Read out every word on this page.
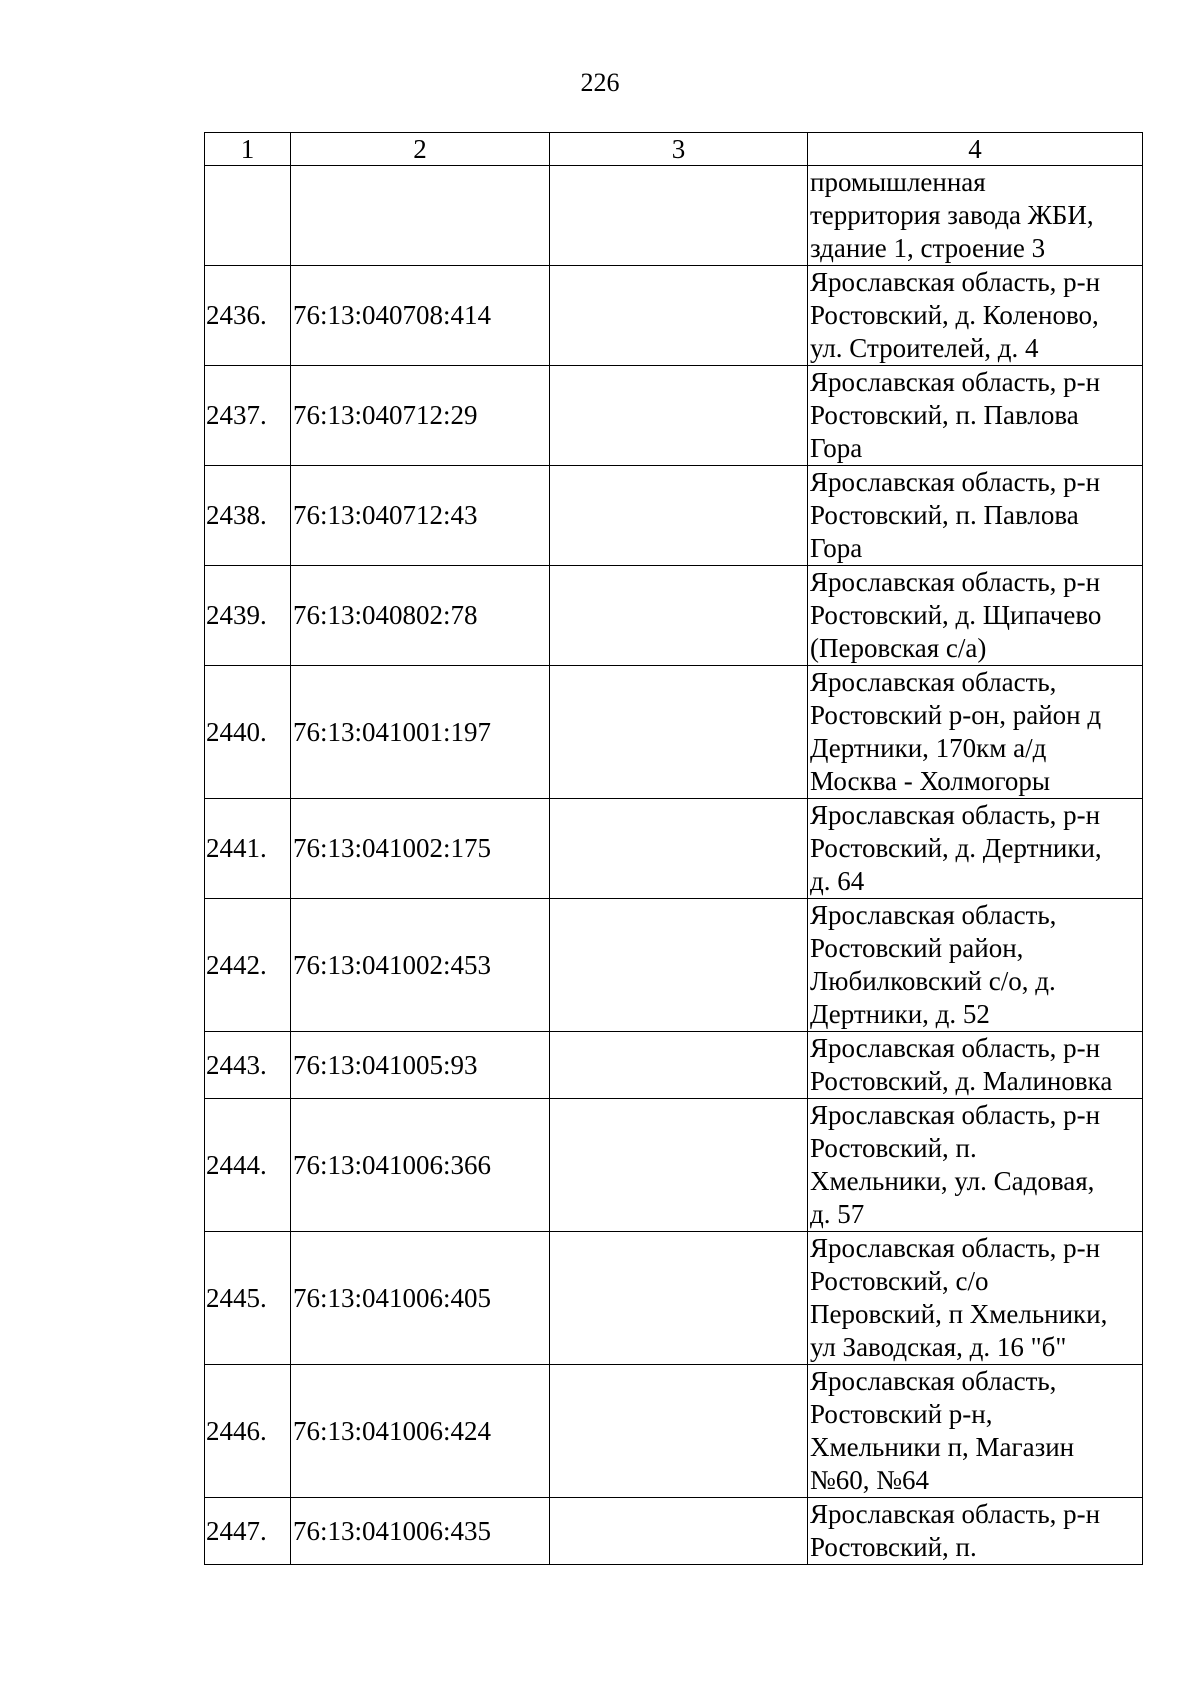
226
1	2	3	4

			промышленная
территория завода ЖБИ,
здание 1, строение 3

2436.	76:13:040708:414		Ярославская область, р-н
Ростовский, д. Коленово,
ул. Строителей, д. 4

2437.	76:13:040712:29		Ярославская область, р-н
Ростовский, п. Павлова
Гора

2438.	76:13:040712:43		Ярославская область, р-н
Ростовский, п. Павлова
Гора

2439.	76:13:040802:78		Ярославская область, р-н
Ростовский, д. Щипачево
(Перовская с/а)

2440.	76:13:041001:197		Ярославская область,
Ростовский р-он, район д
Дертники, 170км а/д
Москва - Холмогоры

2441.	76:13:041002:175		Ярославская область, р-н
Ростовский, д. Дертники,
д. 64

2442.	76:13:041002:453		Ярославская область,
Ростовский район,
Любилковский с/о, д.
Дертники, д. 52

2443.	76:13:041005:93		Ярославская область, р-н
Ростовский, д. Малиновка

2444.	76:13:041006:366		Ярославская область, р-н
Ростовский, п.
Хмельники, ул. Садовая,
д. 57

2445.	76:13:041006:405		Ярославская область, р-н
Ростовский, с/о
Перовский, п Хмельники,
ул Заводская, д. 16 "б"

2446.	76:13:041006:424		Ярославская область,
Ростовский р-н,
Хмельники п, Магазин
№60, №64

2447.	76:13:041006:435		Ярославская область, р-н
Ростовский, п.
